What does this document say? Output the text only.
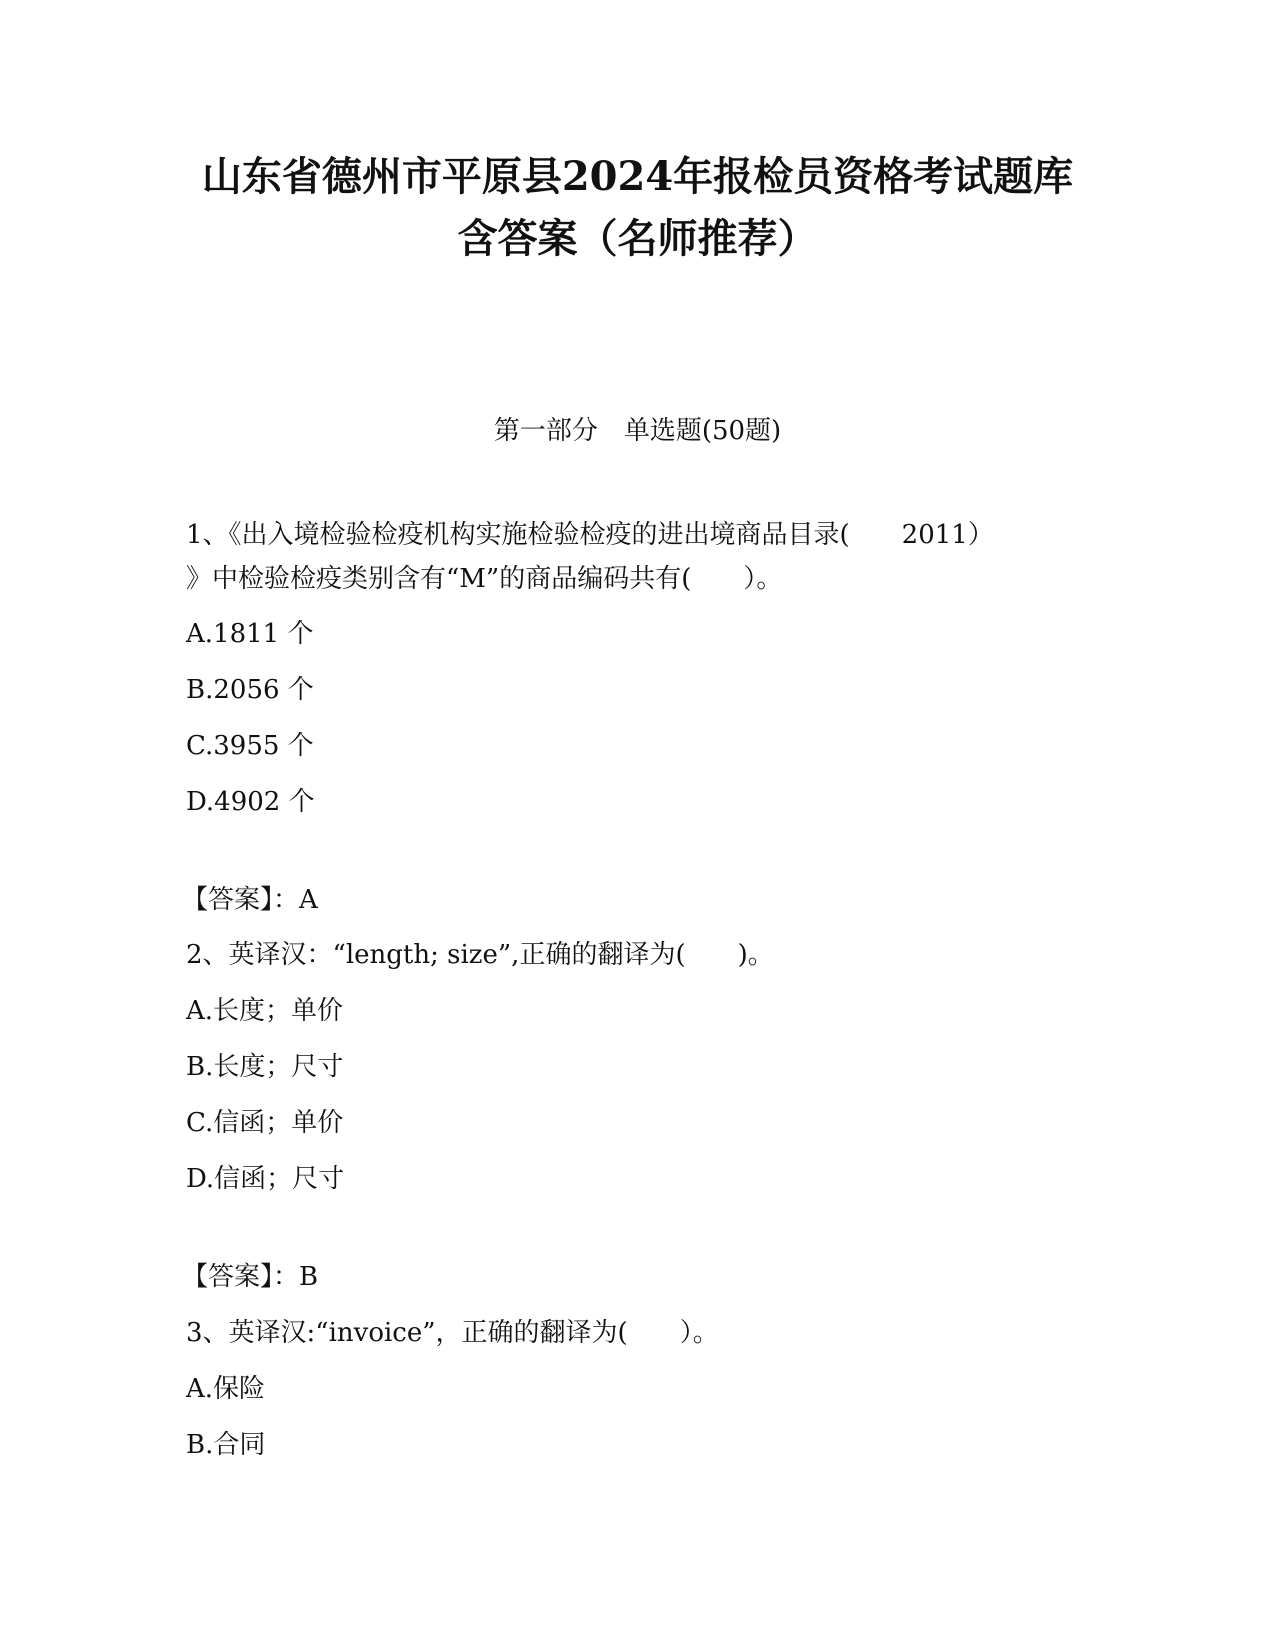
山东省德州市平原县2024年报检员资格考试题库
含答案（名师推荐）
第一部分　单选题(50题)
1、《出入境检验检疫机构实施检验检疫的进出境商品目录(　　2011）
》中检验检疫类别含有“M”的商品编码共有(　　）。
A.1811 个
B.2056 个
C.3955 个
D.4902 个
【答案】：A
2、英译汉：“length; size”,正确的翻译为(　　)。
A.长度；单价
B.长度；尺寸
C.信函；单价
D.信函；尺寸
【答案】：B
3、英译汉:“invoice”，正确的翻译为(　　）。
A.保险
B.合同
